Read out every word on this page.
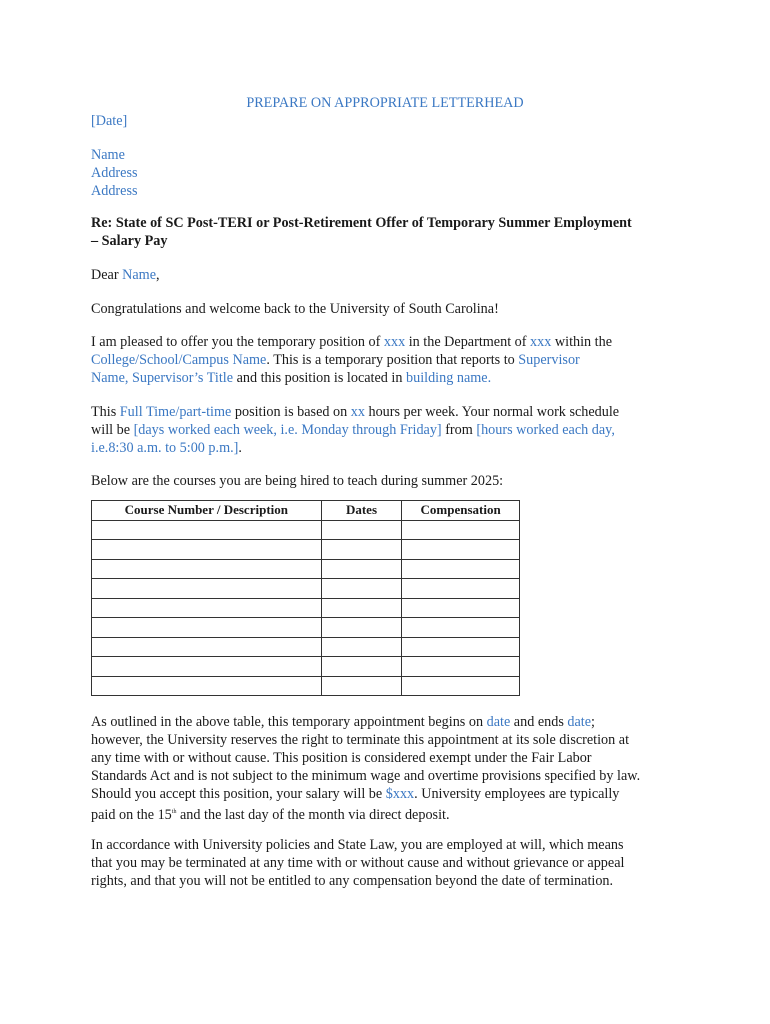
PREPARE ON APPROPRIATE LETTERHEAD

[Date]

Name
Address
Address
Re: State of SC Post-TERI or Post-Retirement Offer of Temporary Summer Employment
– Salary Pay

Dear Name,

Congratulations and welcome back to the University of South Carolina!

I am pleased to offer you the temporary position of xxx in the Department of xxx within the
College/School/Campus Name. This is a temporary position that reports to Supervisor
Name, Supervisor’s Title and this position is located in building name.
This Full Time/part-time position is based on xx hours per week. Your normal work schedule
will be [days worked each week, i.e. Monday through Friday] from [hours worked each day,
i.e.8:30 a.m. to 5:00 p.m.].

Below are the courses you are being hired to teach during summer 2025:

Course Number / Description	Dates	Compensation

As outlined in the above table, this temporary appointment begins on date and ends date;
however, the University reserves the right to terminate this appointment at its sole discretion at
any time with or without cause. This position is considered exempt under the Fair Labor
Standards Act and is not subject to the minimum wage and overtime provisions specified by law.
Should you accept this position, your salary will be $xxx. University employees are typically
paid on the 15th and the last day of the month via direct deposit.
In accordance with University policies and State Law, you are employed at will, which means
that you may be terminated at any time with or without cause and without grievance or appeal
rights, and that you will not be entitled to any compensation beyond the date of termination.
